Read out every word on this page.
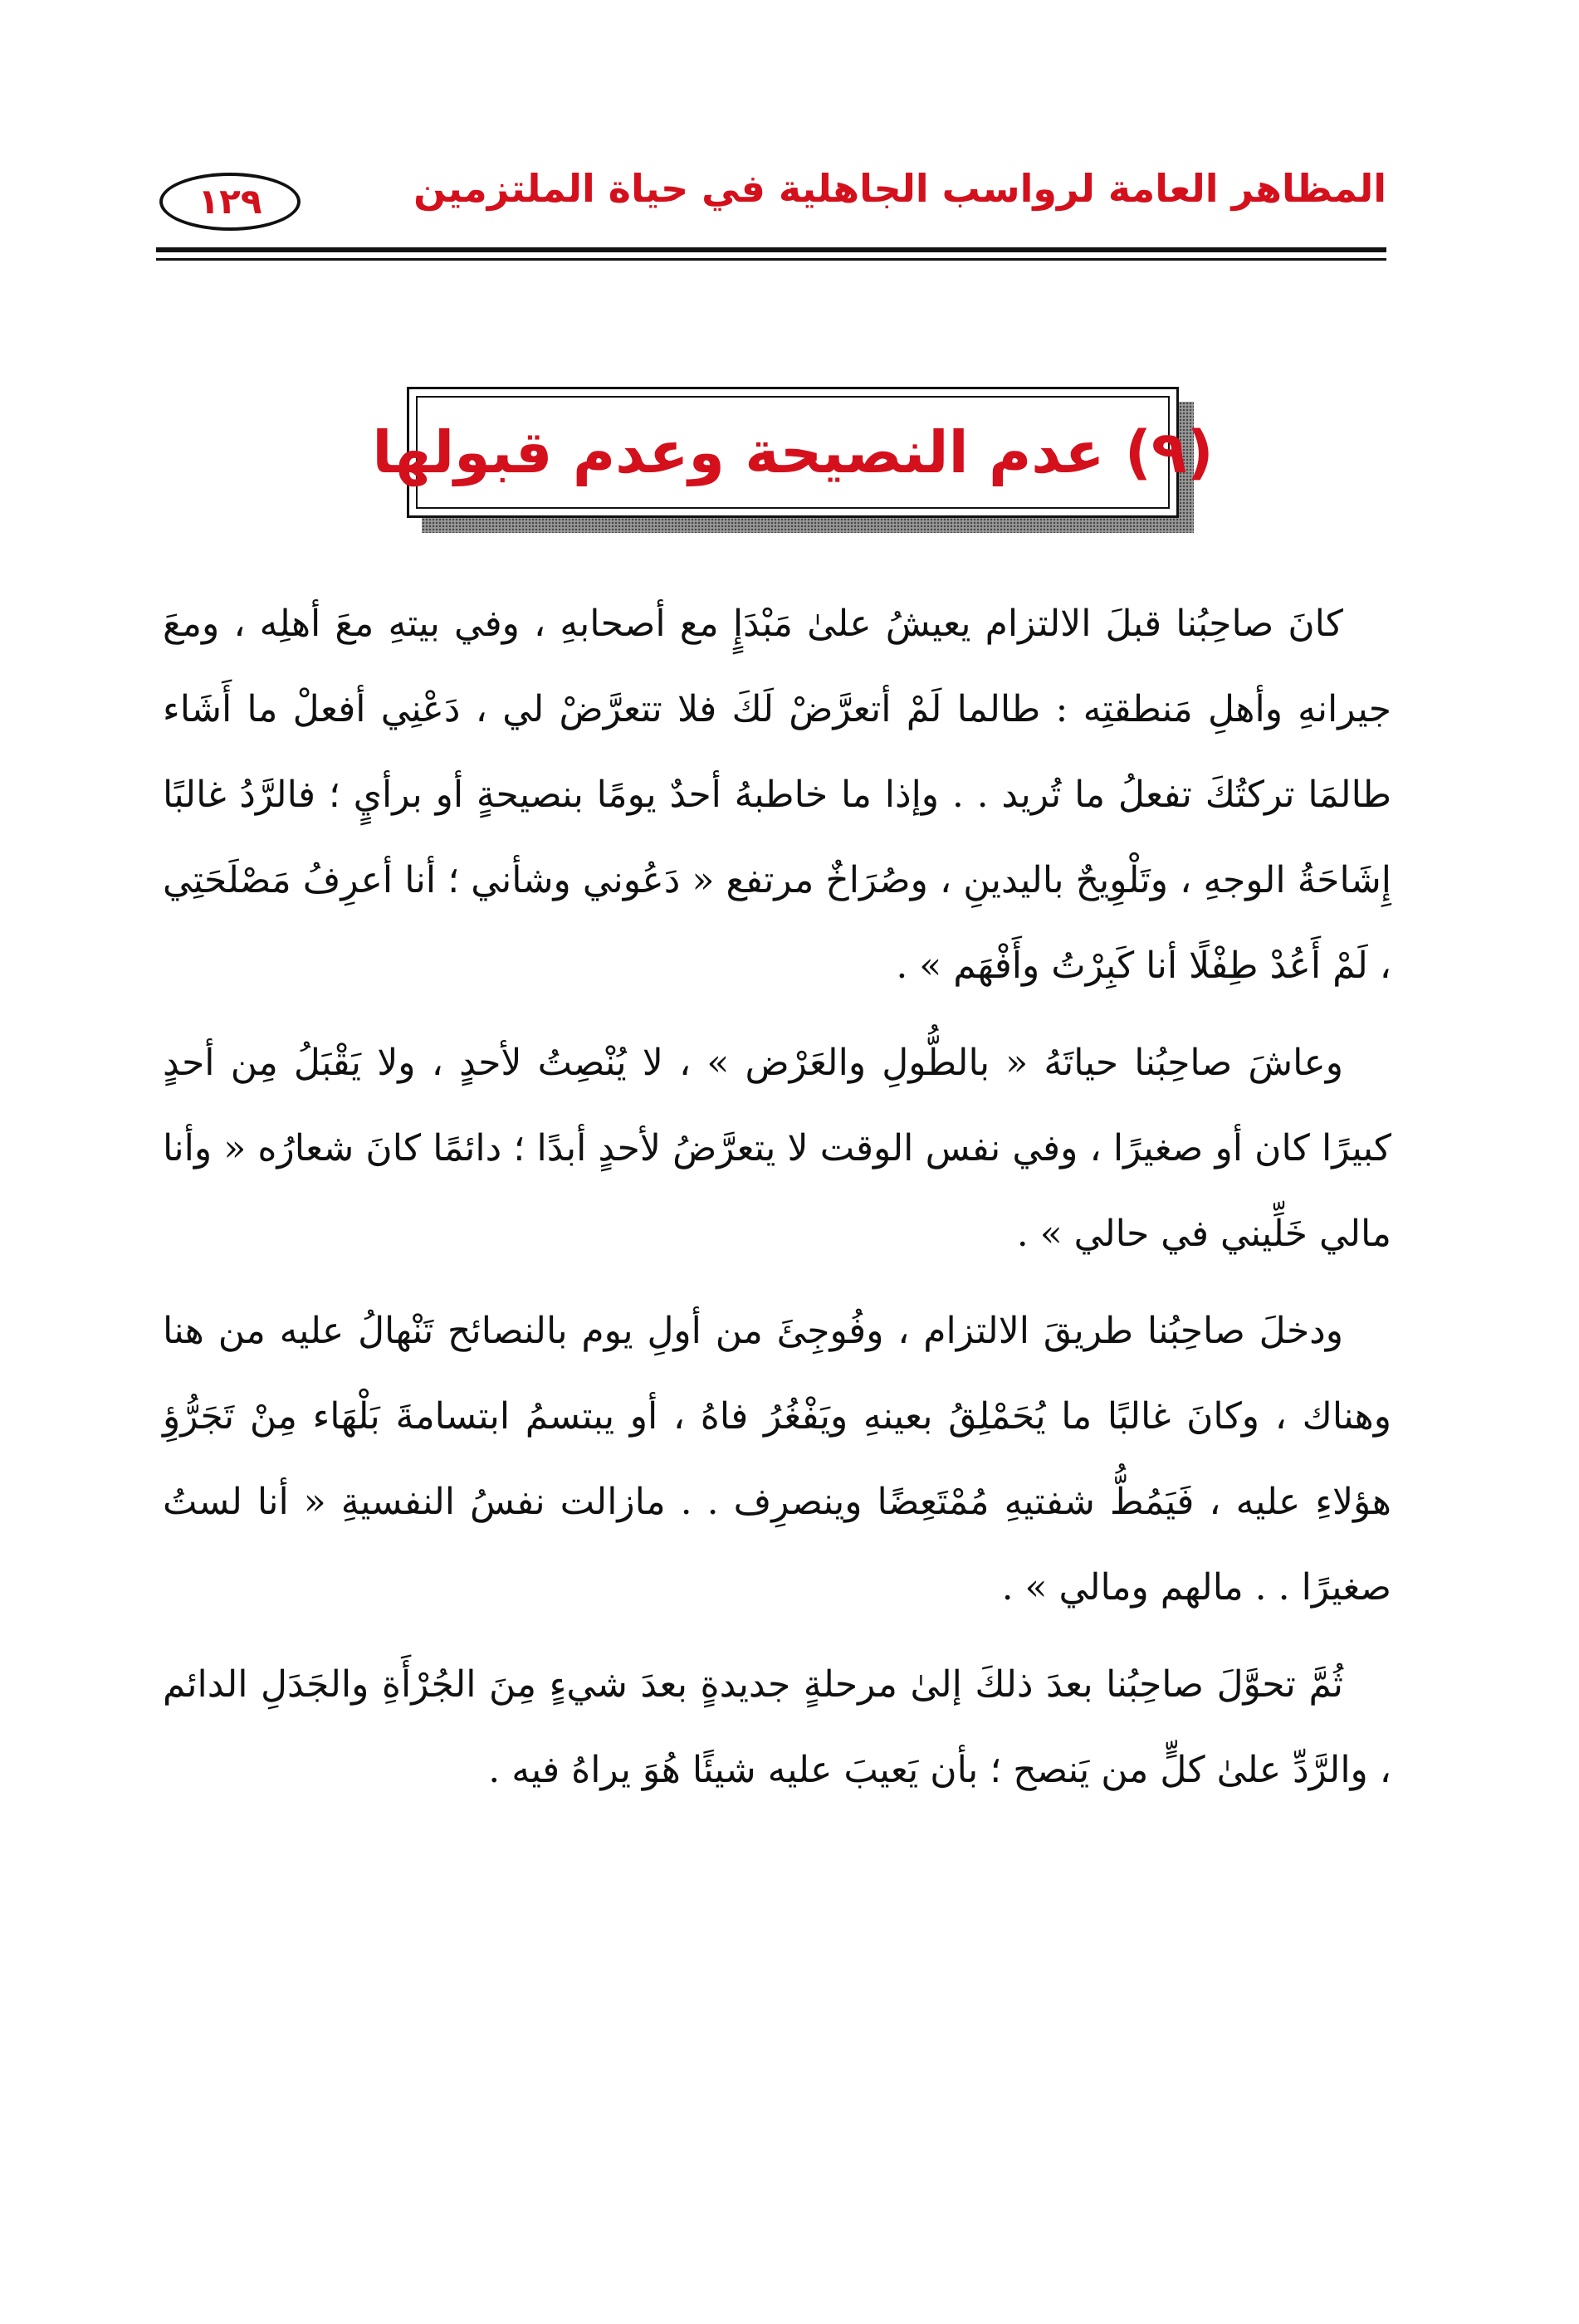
المظاهر العامة لرواسب الجاهلية في حياة الملتزمين
١٢٩
(٩) عدم النصيحة وعدم قبولها

كانَ صاحِبُنا قبلَ الالتزام يعيشُ علىٰ مَبْدَإٍ مع أصحابهِ ، وفي بيتهِ معَ أهلِه ، ومعَ جيرانهِ وأهلِ مَنطقتِه : طالما لَمْ أتعرَّضْ لَكَ فلا تتعرَّضْ لي ، دَعْنِي أفعلْ ما أَشَاء طالمَا تركتُكَ تفعلُ ما تُريد . . وإذا ما خاطبهُ أحدٌ يومًا بنصيحةٍ أو برأيٍ ؛ فالرَّدُ غالبًا إِشَاحَةُ الوجهِ ، وتَلْوِيحٌ باليدينِ ، وصُرَاخٌ مرتفع « دَعُوني وشأني ؛ أنا أعرِفُ مَصْلَحَتِي ، لَمْ أَعُدْ طِفْلًا أنا كَبِرْتُ وأَفْهَم » .

وعاشَ صاحِبُنا حياتَهُ « بالطُّولِ والعَرْض » ، لا يُنْصِتُ لأحدٍ ، ولا يَقْبَلُ مِن أحدٍ كبيرًا كان أو صغيرًا ، وفي نفس الوقت لا يتعرَّضُ لأحدٍ أبدًا ؛ دائمًا كانَ شعارُه « وأنا مالي خَلِّيني في حالي » .

ودخلَ صاحِبُنا طريقَ الالتزام ، وفُوجِئَ من أولِ يوم بالنصائح تَنْهالُ عليه من هنا وهناك ، وكانَ غالبًا ما يُحَمْلِقُ بعينهِ ويَفْغُرُ فاهُ ، أو يبتسمُ ابتسامةَ بَلْهَاء مِنْ تَجَرُّؤِ هؤلاءِ عليه ، فَيَمُطُّ شفتيهِ مُمْتَعِضًا وينصرِف . . مازالت نفسُ النفسيةِ « أنا لستُ صغيرًا . . مالهم ومالي » .

ثُمَّ تحوَّلَ صاحِبُنا بعدَ ذلكَ إلىٰ مرحلةٍ جديدةٍ بعدَ شيءٍ مِنَ الجُرْأَةِ والجَدَلِ الدائم ، والرَّدِّ علىٰ كلٍّ من يَنصح ؛ بأن يَعيبَ عليه شيئًا هُوَ يراهُ فيه .
